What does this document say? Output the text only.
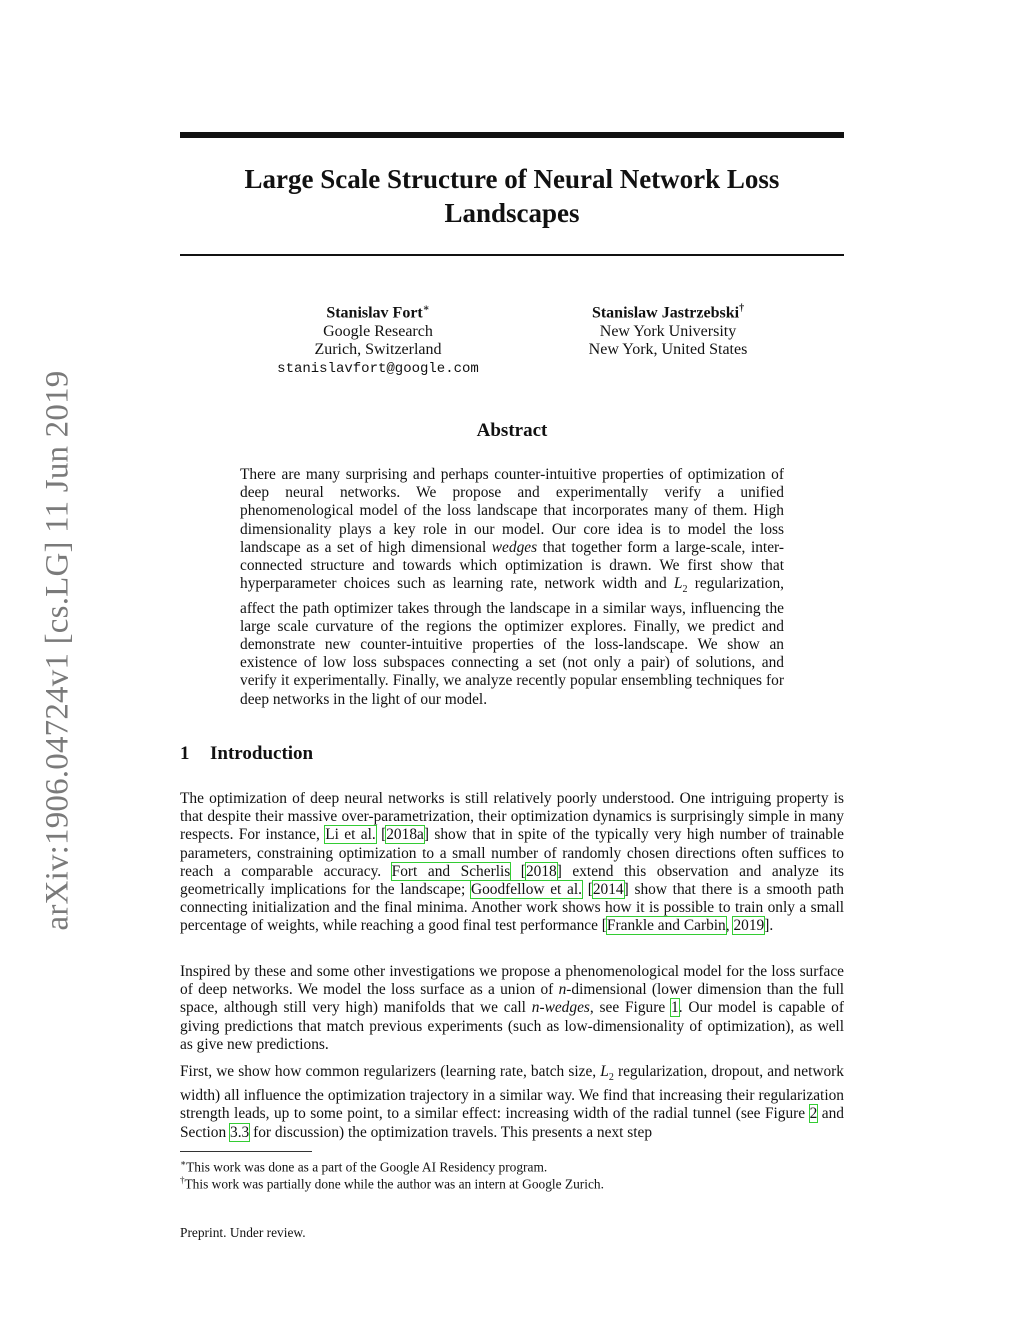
arXiv:1906.04724v1 [cs.LG] 11 Jun 2019
Large Scale Structure of Neural Network Loss
Landscapes
Stanislav Fort∗
Google Research
Zurich, Switzerland
stanislavfort@google.com
Stanislaw Jastrzebski†
New York University
New York, United States
Abstract
There are many surprising and perhaps counter-intuitive properties of optimization of deep neural networks. We propose and experimentally verify a unified phenomenological model of the loss landscape that incorporates many of them. High dimensionality plays a key role in our model. Our core idea is to model the loss landscape as a set of high dimensional wedges that together form a large-scale, inter-connected structure and towards which optimization is drawn. We first show that hyperparameter choices such as learning rate, network width and $L_2$ regularization, affect the path optimizer takes through the landscape in a similar ways, influencing the large scale curvature of the regions the optimizer explores. Finally, we predict and demonstrate new counter-intuitive properties of the loss-landscape. We show an existence of low loss subspaces connecting a set (not only a pair) of solutions, and verify it experimentally. Finally, we analyze recently popular ensembling techniques for deep networks in the light of our model.
1 Introduction
The optimization of deep neural networks is still relatively poorly understood. One intriguing property is that despite their massive over-parametrization, their optimization dynamics is surprisingly simple in many respects. For instance, Li et al. [2018a] show that in spite of the typically very high number of trainable parameters, constraining optimization to a small number of randomly chosen directions often suffices to reach a comparable accuracy. Fort and Scherlis [2018] extend this observation and analyze its geometrically implications for the landscape; Goodfellow et al. [2014] show that there is a smooth path connecting initialization and the final minima. Another work shows how it is possible to train only a small percentage of weights, while reaching a good final test performance [Frankle and Carbin, 2019].
Inspired by these and some other investigations we propose a phenomenological model for the loss surface of deep networks. We model the loss surface as a union of n-dimensional (lower dimension than the full space, although still very high) manifolds that we call n-wedges, see Figure 1. Our model is capable of giving predictions that match previous experiments (such as low-dimensionality of optimization), as well as give new predictions.
First, we show how common regularizers (learning rate, batch size, $L_2$ regularization, dropout, and network width) all influence the optimization trajectory in a similar way. We find that increasing their regularization strength leads, up to some point, to a similar effect: increasing width of the radial tunnel (see Figure 2 and Section 3.3 for discussion) the optimization travels. This presents a next step
∗This work was done as a part of the Google AI Residency program.
†This work was partially done while the author was an intern at Google Zurich.
Preprint. Under review.
